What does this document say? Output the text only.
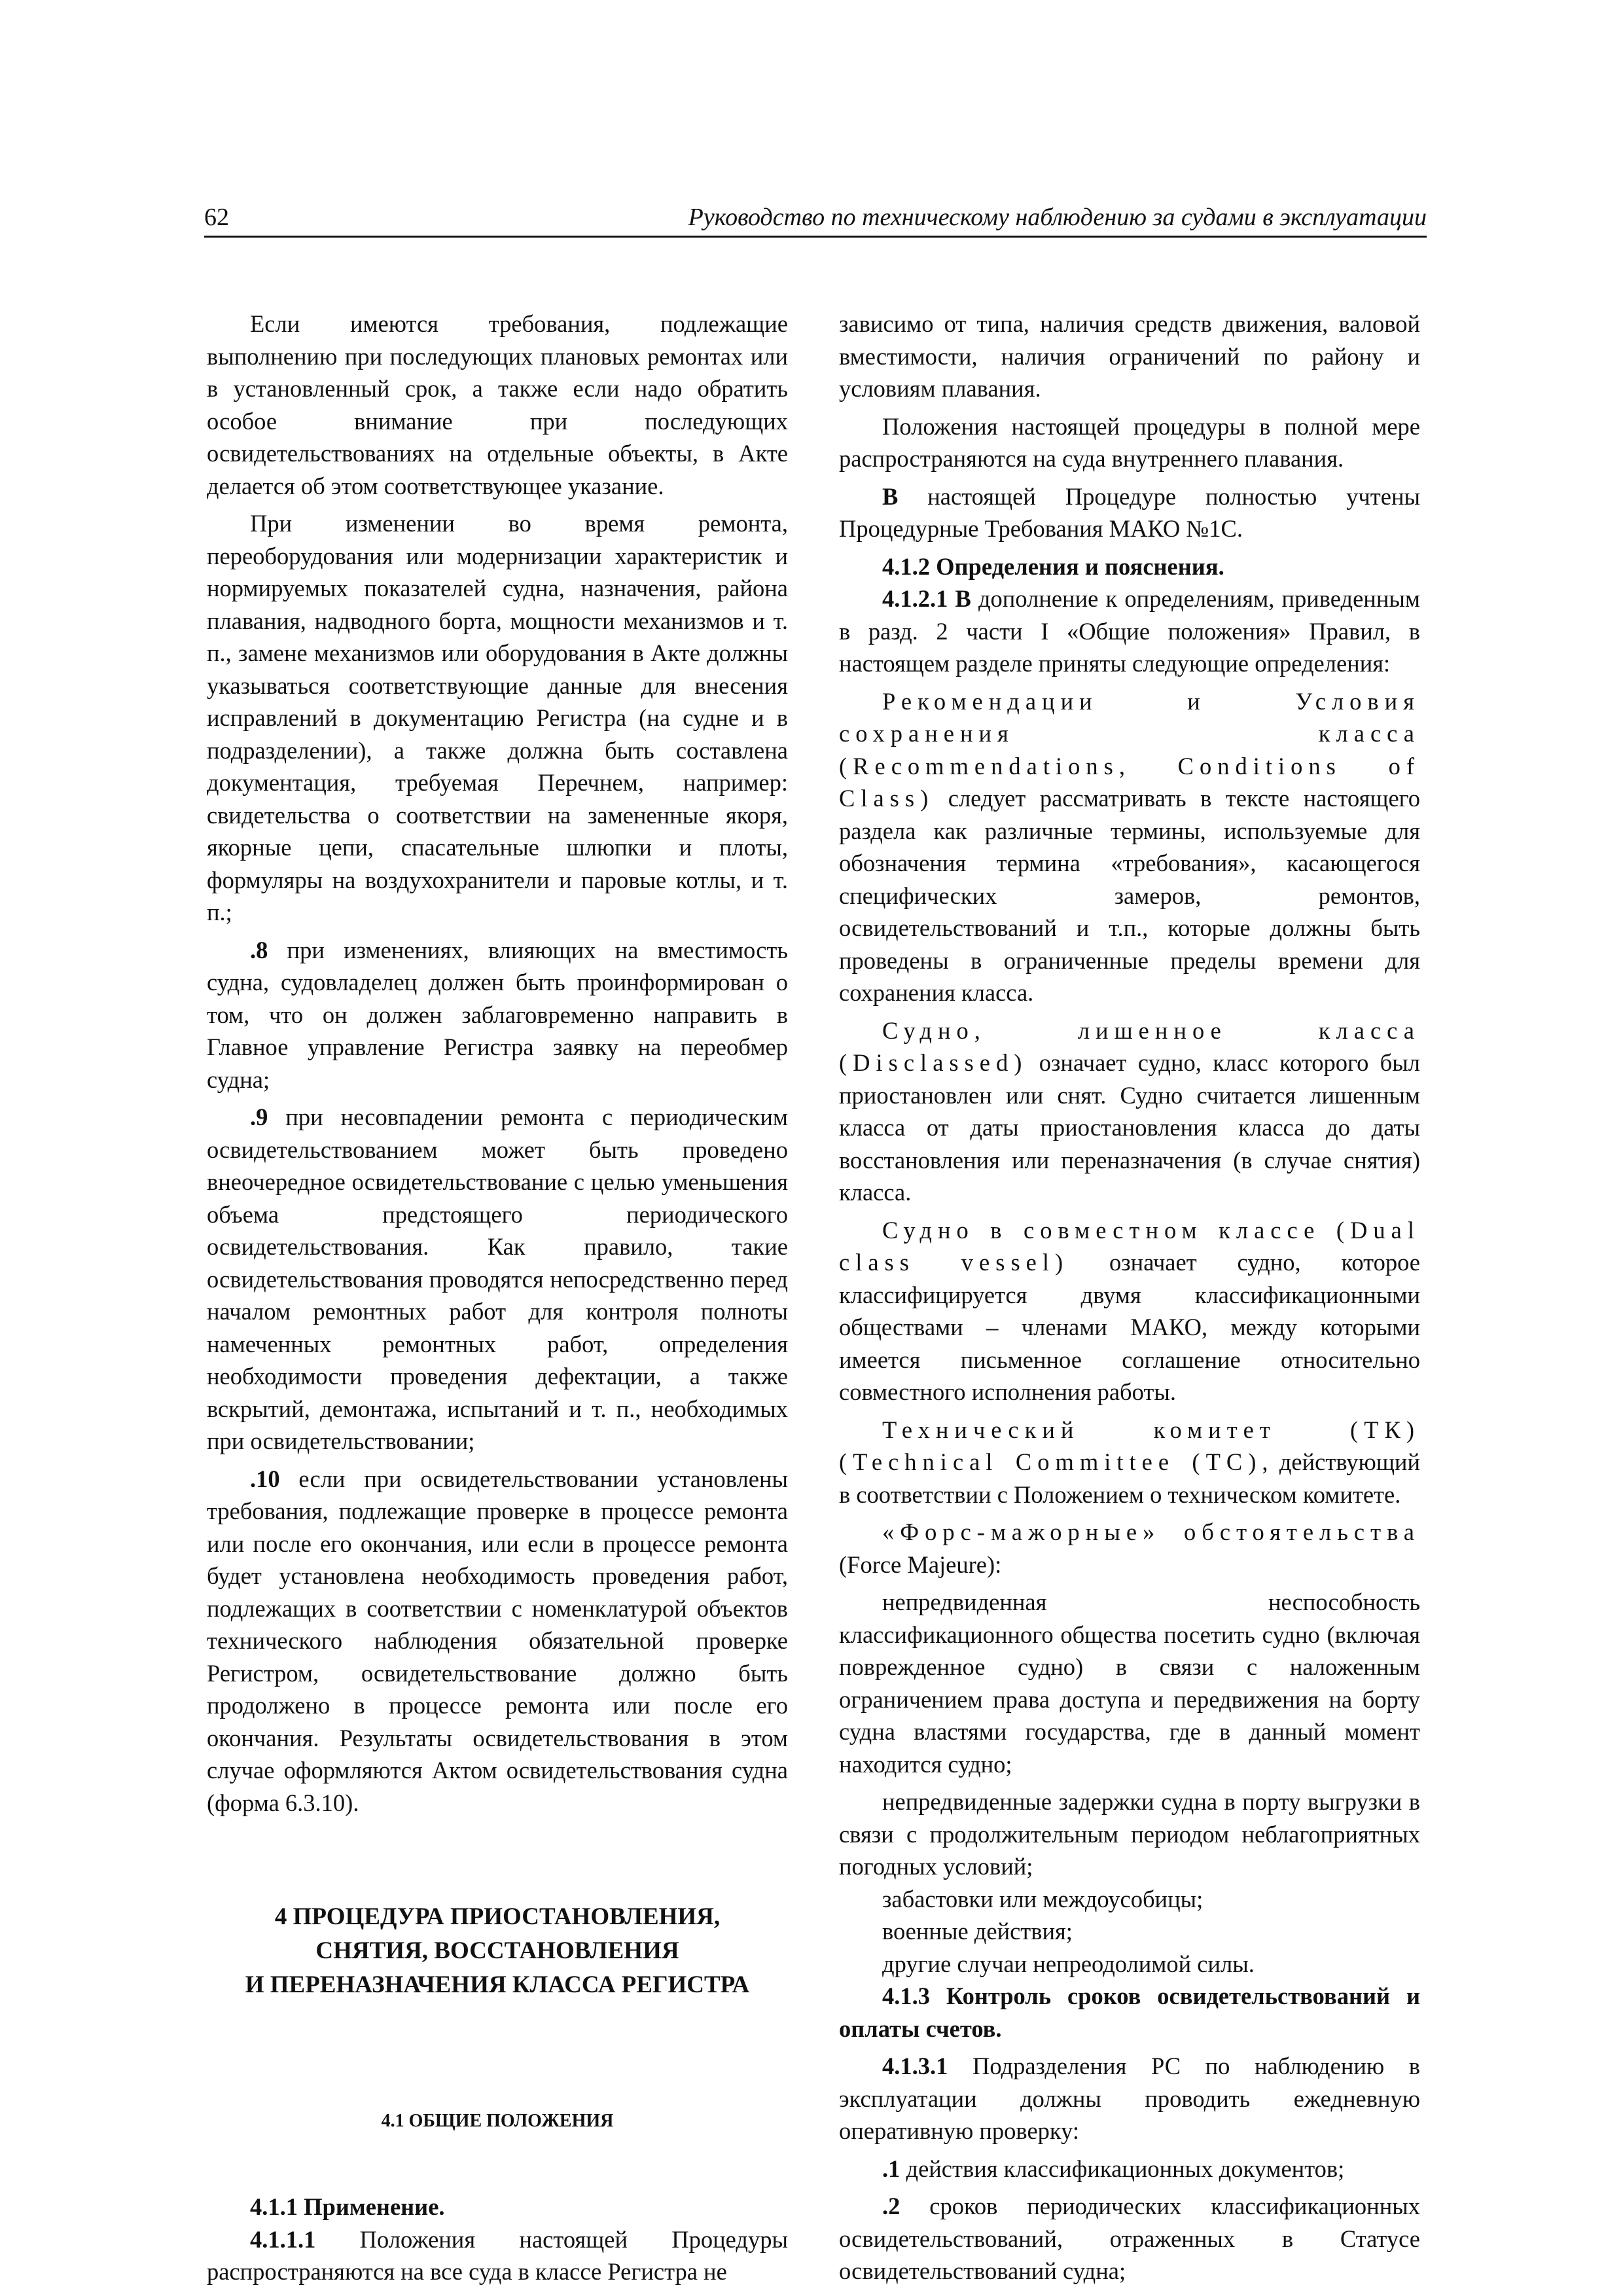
62	Руководство по техническому наблюдению за судами в эксплуатации

Если имеются требования, подлежащие выполнению при последующих плановых ремонтах или в установленный срок, а также если надо обратить особое внимание при последующих освидетельствованиях на отдельные объекты, в Акте делается об этом соответствующее указание.

При изменении во время ремонта, переоборудования или модернизации характеристик и нормируемых показателей судна, назначения, района плавания, надводного борта, мощности механизмов и т. п., замене механизмов или оборудования в Акте должны указываться соответствующие данные для внесения исправлений в документацию Регистра (на судне и в подразделении), а также должна быть составлена документация, требуемая Перечнем, например: свидетельства о соответствии на замененные якоря, якорные цепи, спасательные шлюпки и плоты, формуляры на воздухохранители и паровые котлы, и т. п.;

.8 при изменениях, влияющих на вместимость судна, судовладелец должен быть проинформирован о том, что он должен заблаговременно направить в Главное управление Регистра заявку на переобмер судна;

.9 при несовпадении ремонта с периодическим освидетельствованием может быть проведено внеочередное освидетельствование с целью уменьшения объема предстоящего периодического освидетельствования. Как правило, такие освидетельствования проводятся непосредственно перед началом ремонтных работ для контроля полноты намеченных ремонтных работ, определения необходимости проведения дефектации, а также вскрытий, демонтажа, испытаний и т. п., необходимых при освидетельствовании;

.10 если при освидетельствовании установлены требования, подлежащие проверке в процессе ремонта или после его окончания, или если в процессе ремонта будет установлена необходимость проведения работ, подлежащих в соответствии с номенклатурой объектов технического наблюдения обязательной проверке Регистром, освидетельствование должно быть продолжено в процессе ремонта или после его окончания. Результаты освидетельствования в этом случае оформляются Актом освидетельствования судна (форма 6.3.10).

4 ПРОЦЕДУРА ПРИОСТАНОВЛЕНИЯ,
СНЯТИЯ, ВОССТАНОВЛЕНИЯ
И ПЕРЕНАЗНАЧЕНИЯ КЛАССА РЕГИСТРА
4.1 ОБЩИЕ ПОЛОЖЕНИЯ

4.1.1 Применение.

4.1.1.1 Положения настоящей Процедуры распространяются на все суда в классе Регистра не

зависимо от типа, наличия средств движения, валовой вместимости, наличия ограничений по району и условиям плавания.

Положения настоящей процедуры в полной мере распространяются на суда внутреннего плавания.

В настоящей Процедуре полностью учтены Процедурные Требования МАКО №1С.

4.1.2 Определения и пояснения.

4.1.2.1 В дополнение к определениям, приведенным в разд. 2 части I «Общие положения» Правил, в настоящем разделе приняты следующие определения:

Рекомендации и Условия сохранения класса (Recommendations, Conditions of Class) следует рассматривать в тексте настоящего раздела как различные термины, используемые для обозначения термина «требования», касающегося специфических замеров, ремонтов, освидетельствований и т.п., которые должны быть проведены в ограниченные пределы времени для сохранения класса.

Судно, лишенное класса (Disclassed) означает судно, класс которого был приостановлен или снят. Судно считается лишенным класса от даты приостановления класса до даты восстановления или переназначения (в случае снятия) класса.

Судно в совместном классе (Dual class vessel) означает судно, которое классифицируется двумя классификационными обществами – членами МАКО, между которыми имеется письменное соглашение относительно совместного исполнения работы.

Технический комитет (ТК) (Technical Committee (TC), действующий в соответствии с Положением о техническом комитете.

«Форс-мажорные» обстоятельства (Force Majeure):

непредвиденная неспособность классификационного общества посетить судно (включая поврежденное судно) в связи с наложенным ограничением права доступа и передвижения на борту судна властями государства, где в данный момент находится судно;

непредвиденные задержки судна в порту выгрузки в связи с продолжительным периодом неблагоприятных погодных условий;

забастовки или междоусобицы;

военные действия;

другие случаи непреодолимой силы.

4.1.3 Контроль сроков освидетельствований и оплаты счетов.

4.1.3.1 Подразделения РС по наблюдению в эксплуатации должны проводить ежедневную оперативную проверку:

.1 действия классификационных документов;

.2 сроков периодических классификационных освидетельствований, отраженных в Статусе освидетельствований судна;
